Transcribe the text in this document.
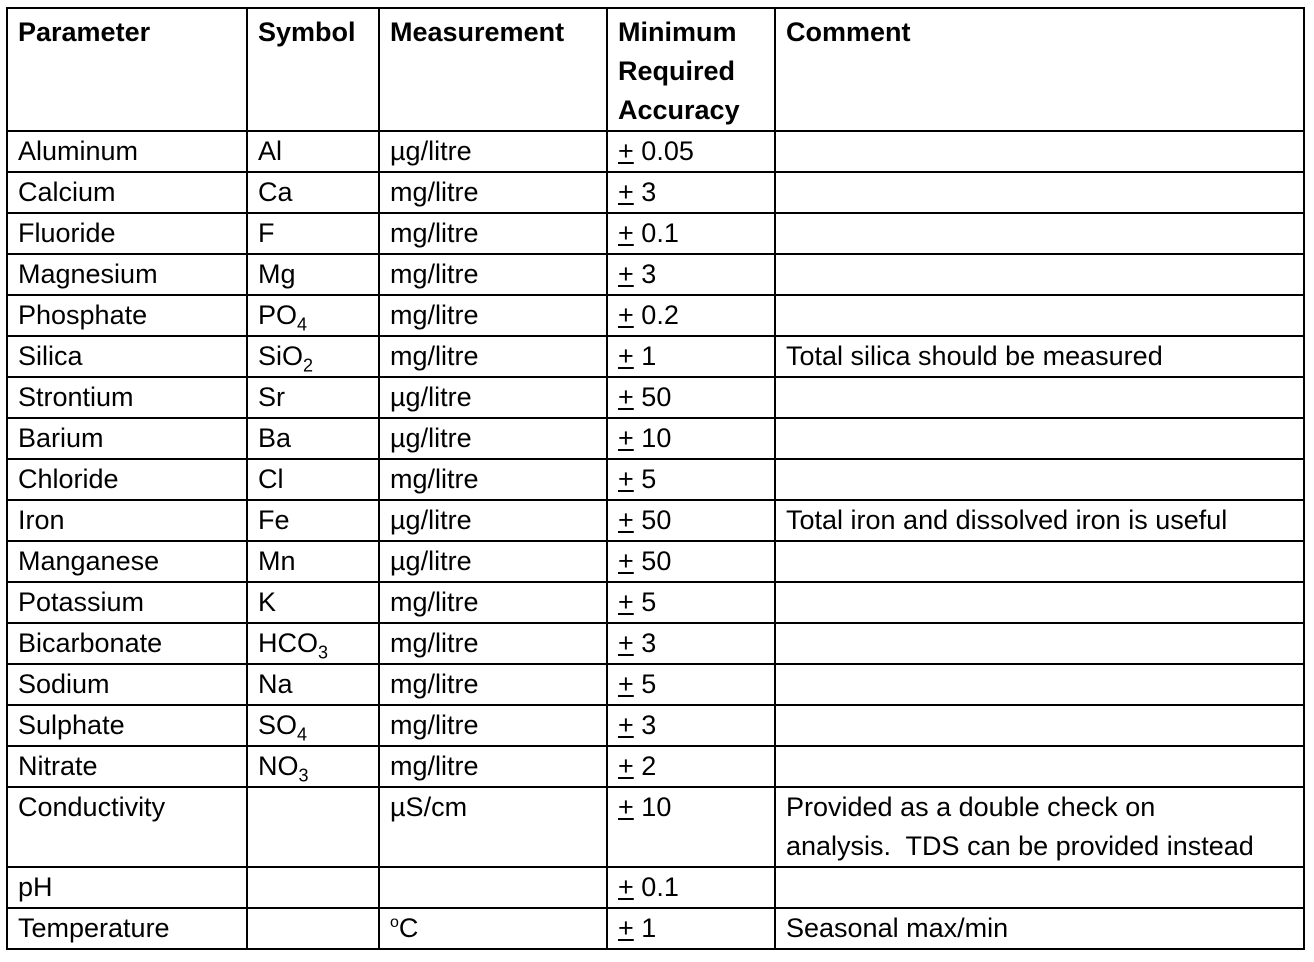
Parameter	Symbol	Measurement	Minimum
Required
Accuracy	Comment
Aluminum	Al	µg/litre	+ 0.05	
Calcium	Ca	mg/litre	+ 3	
Fluoride	F	mg/litre	+ 0.1	
Magnesium	Mg	mg/litre	+ 3	
Phosphate	$PO_4$	mg/litre	+ 0.2	
Silica	SiO$_2$	mg/litre	+ 1	Total silica should be measured
Strontium	Sr	µg/litre	+ 50	
Barium	Ba	µg/litre	+ 10	
Chloride	Cl	mg/litre	+ 5	
Iron	Fe	µg/litre	+ 50	Total iron and dissolved iron is useful
Manganese	Mn	µg/litre	+ 50	
Potassium	K	mg/litre	+ 5	
Bicarbonate	$HCO_3$	mg/litre	+ 3	
Sodium	Na	mg/litre	+ 5	
Sulphate	$SO_4$	mg/litre	+ 3	
Nitrate	$NO_3$	mg/litre	+ 2	
Conductivity		µS/cm	+ 10	Provided as a double check on
analysis.  TDS can be provided instead

pH			+ 0.1	
Temperature		$^o$C	+ 1	Seasonal max/min
